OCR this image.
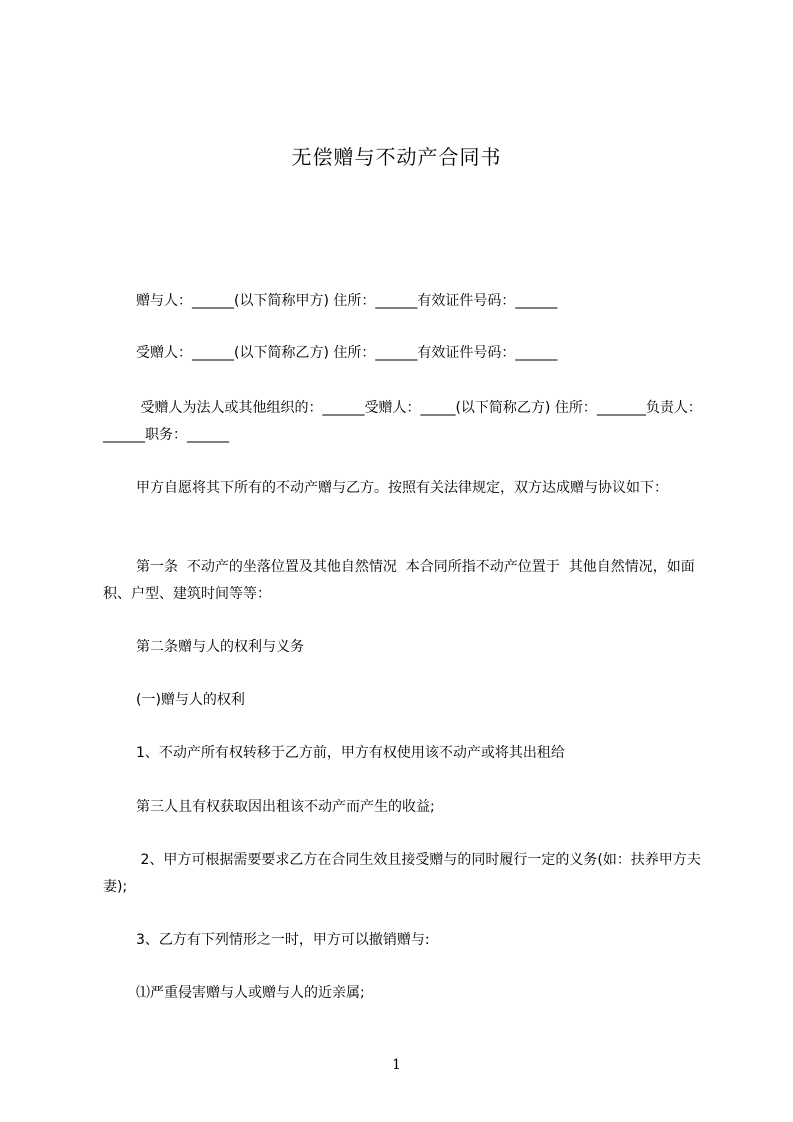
无偿赠与不动产合同书

赠与人：______(以下简称甲方) 住所：______有效证件号码：______

受赠人：______(以下简称乙方) 住所：______有效证件号码：______

受赠人为法人或其他组织的：______受赠人：_____(以下简称乙方) 住所：_______负责人：______职务：______

甲方自愿将其下所有的不动产赠与乙方。按照有关法律规定，双方达成赠与协议如下：

第一条  不动产的坐落位置及其他自然情况  本合同所指不动产位置于  其他自然情况，如面积、户型、建筑时间等等：

第二条赠与人的权利与义务

(一)赠与人的权利

1、不动产所有权转移于乙方前，甲方有权使用该不动产或将其出租给

第三人且有权获取因出租该不动产而产生的收益;

2、甲方可根据需要要求乙方在合同生效且接受赠与的同时履行一定的义务(如：扶养甲方夫妻);

3、乙方有下列情形之一时，甲方可以撤销赠与:

⑴严重侵害赠与人或赠与人的近亲属;

1
